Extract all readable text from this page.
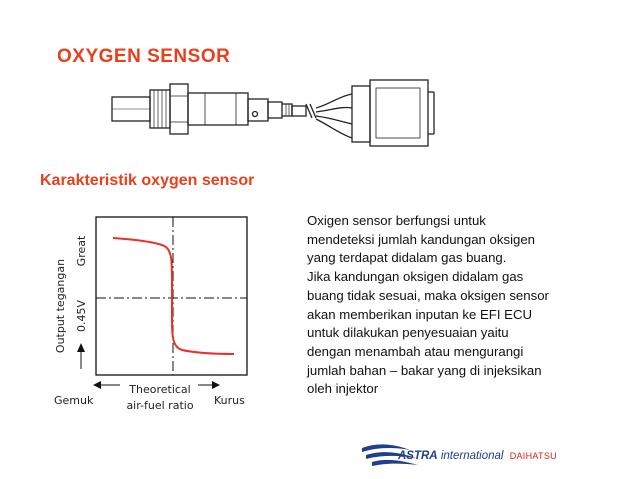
OXYGEN SENSOR
Karakteristik oxygen sensor
Output tegangan
Great
0.45V
Gemuk	Kurus
Theoretical
air-fuel ratio
Oxigen sensor berfungsi untuk
mendeteksi jumlah kandungan oksigen
yang terdapat didalam gas buang.
Jika kandungan oksigen didalam gas
buang tidak sesuai, maka oksigen sensor
akan memberikan inputan ke EFI ECU
untuk dilakukan penyesuaian yaitu
dengan menambah atau mengurangi
jumlah bahan – bakar yang di injeksikan
oleh injektor
ASTRA international DAIHATSU
